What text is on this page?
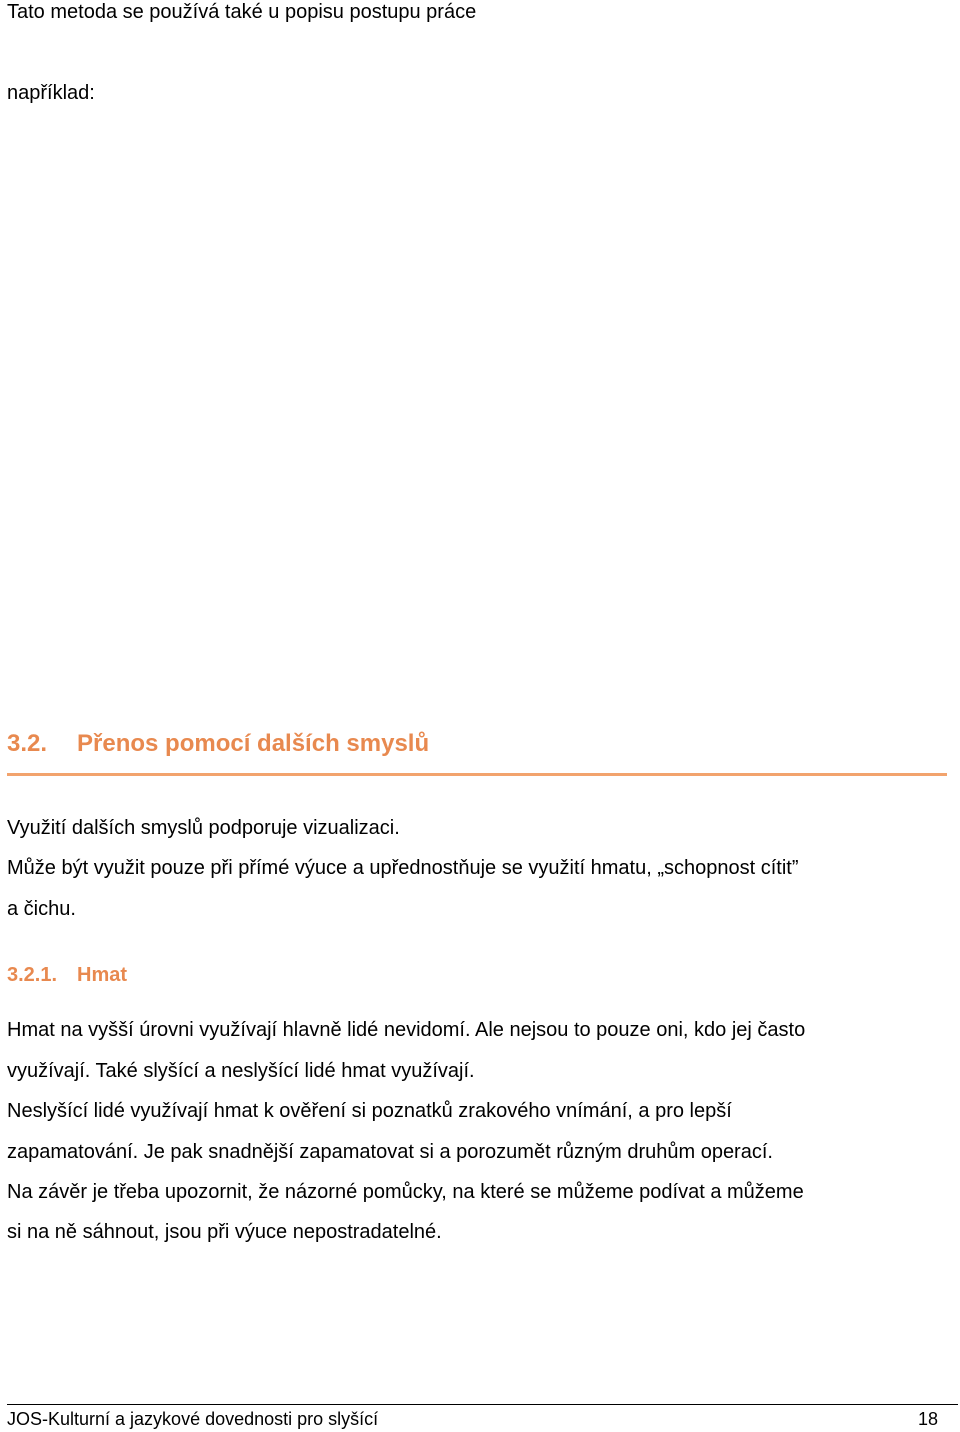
Tato metoda se používá také u popisu postupu práce
například:
3.2. Přenos pomocí dalších smyslů
Využití dalších smyslů podporuje vizualizaci.
Může být využit pouze při přímé výuce a upřednostňuje se využití hmatu, „schopnost cítit”
a čichu.
3.2.1. Hmat
Hmat na vyšší úrovni využívají hlavně lidé nevidomí. Ale nejsou to pouze oni, kdo jej často
využívají. Také slyšící a neslyšící lidé hmat využívají.
Neslyšící lidé využívají hmat k ověření si poznatků zrakového vnímání, a pro lepší
zapamatování. Je pak snadnější zapamatovat si a porozumět různým druhům operací.
Na závěr je třeba upozornit, že názorné pomůcky, na které se můžeme podívat a můžeme
si na ně sáhnout, jsou při výuce nepostradatelné.
JOS-Kulturní a jazykové dovednosti pro slyšící	18
